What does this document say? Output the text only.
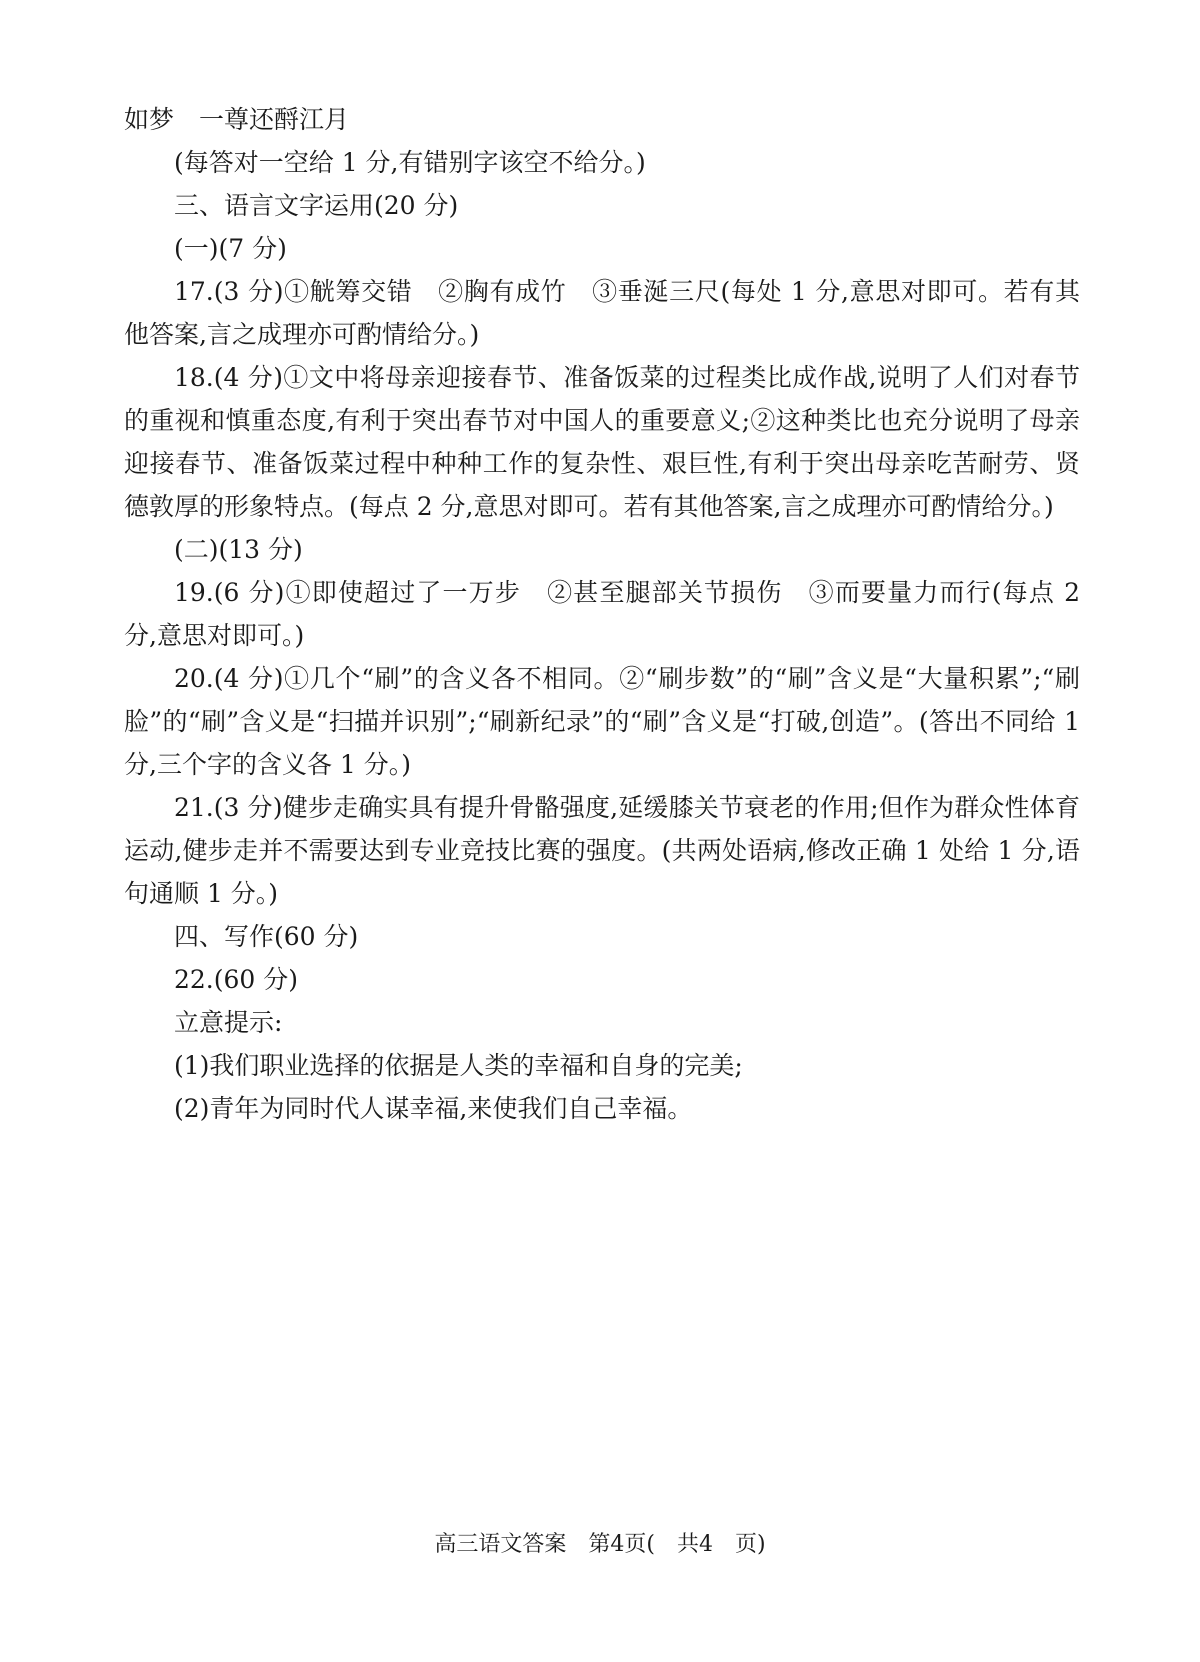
如梦　一尊还酹江月

(每答对一空给 1 分,有错别字该空不给分。)

三、语言文字运用(20 分)

(一)(7 分)

17.(3 分)①觥筹交错　②胸有成竹　③垂涎三尺(每处 1 分,意思对即可。若有其他答案,言之成理亦可酌情给分。)

18.(4 分)①文中将母亲迎接春节、准备饭菜的过程类比成作战,说明了人们对春节的重视和慎重态度,有利于突出春节对中国人的重要意义;②这种类比也充分说明了母亲迎接春节、准备饭菜过程中种种工作的复杂性、艰巨性,有利于突出母亲吃苦耐劳、贤德敦厚的形象特点。(每点 2 分,意思对即可。若有其他答案,言之成理亦可酌情给分。)

(二)(13 分)

19.(6 分)①即使超过了一万步　②甚至腿部关节损伤　③而要量力而行(每点 2 分,意思对即可。)

20.(4 分)①几个“刷”的含义各不相同。②“刷步数”的“刷”含义是“大量积累”;“刷脸”的“刷”含义是“扫描并识别”;“刷新纪录”的“刷”含义是“打破,创造”。(答出不同给 1 分,三个字的含义各 1 分。)

21.(3 分)健步走确实具有提升骨骼强度,延缓膝关节衰老的作用;但作为群众性体育运动,健步走并不需要达到专业竞技比赛的强度。(共两处语病,修改正确 1 处给 1 分,语句通顺 1 分。)

四、写作(60 分)

22.(60 分)

立意提示:

(1)我们职业选择的依据是人类的幸福和自身的完美;

(2)青年为同时代人谋幸福,来使我们自己幸福。

高三语文答案　第4页(　共4　页)
